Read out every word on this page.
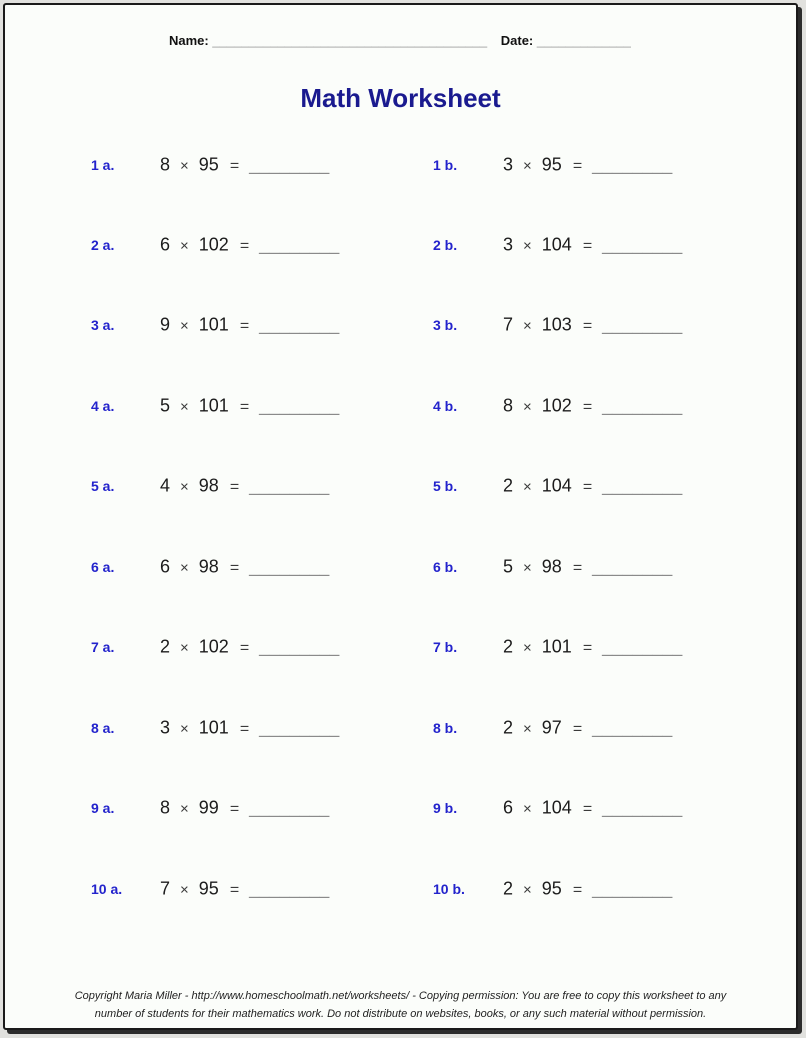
Name: ______________________________________ Date: _____________
Math Worksheet
1 a.	8 × 95 = ________	1 b.	3 × 95 = ________
2 a.	6 × 102 = ________	2 b.	3 × 104 = ________
3 a.	9 × 101 = ________	3 b.	7 × 103 = ________
4 a.	5 × 101 = ________	4 b.	8 × 102 = ________
5 a.	4 × 98 = ________	5 b.	2 × 104 = ________
6 a.	6 × 98 = ________	6 b.	5 × 98 = ________
7 a.	2 × 102 = ________	7 b.	2 × 101 = ________
8 a.	3 × 101 = ________	8 b.	2 × 97 = ________
9 a.	8 × 99 = ________	9 b.	6 × 104 = ________
10 a. 7 × 95 = ________	10 b. 2 × 95 = ________
Copyright Maria Miller - http://www.homeschoolmath.net/worksheets/ - Copying permission: You are free to copy this worksheet to any
number of students for their mathematics work. Do not distribute on websites, books, or any such material without permission.
